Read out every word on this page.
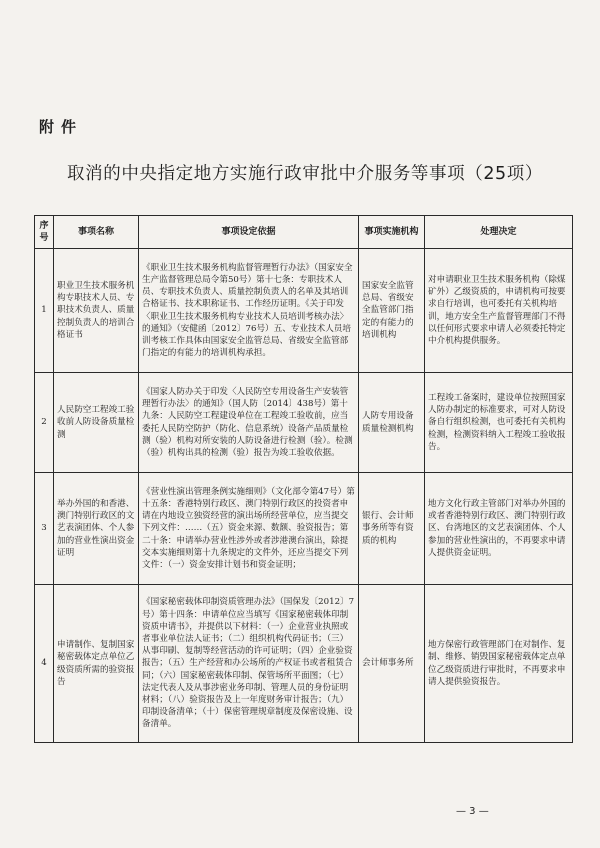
附件
取消的中央指定地方实施行政审批中介服务等事项（25项）
序号	事项名称	事项设定依据	事项实施机构	处理决定
1	职业卫生技术服务机构专职技术人员、专职技术负责人、质量控制负责人的培训合格证书	《职业卫生技术服务机构监督管理暂行办法》（国家安全生产监督管理总局令第50号）第十七条：专职技术人员、专职技术负责人、质量控制负责人的名单及其培训合格证书、技术职称证书、工作经历证明。《关于印发〈职业卫生技术服务机构专业技术人员培训考核办法〉的通知》（安健函〔2012〕76号）五、专业技术人员培训考核工作具体由国家安全监管总局、省级安全监管部门指定的有能力的培训机构承担。	国家安全监管总局、省级安全监管部门指定的有能力的培训机构	对申请职业卫生技术服务机构（除煤矿外）乙级资质的，申请机构可按要求自行培训，也可委托有关机构培训，地方安全生产监督管理部门不得以任何形式要求申请人必须委托特定中介机构提供服务。
2	人民防空工程竣工验收前人防设备质量检测	《国家人防办关于印发〈人民防空专用设备生产安装管理暂行办法〉的通知》（国人防〔2014〕438号）第十九条：人民防空工程建设单位在工程竣工验收前，应当委托人民防空防护（防化、信息系统）设备产品质量检测（验）机构对所安装的人防设备进行检测（验）。检测（验）机构出具的检测（验）报告为竣工验收依据。	人防专用设备质量检测机构	工程竣工备案时，建设单位按照国家人防办制定的标准要求，可对人防设备自行组织检测，也可委托有关机构检测，检测资料纳入工程竣工验收报告。
3	举办外国的和香港、澳门特别行政区的文艺表演团体、个人参加的营业性演出资金证明	《营业性演出管理条例实施细则》（文化部令第47号）第十五条：香港特别行政区、澳门特别行政区的投资者申请在内地设立独资经营的演出场所经营单位，应当提交下列文件：……（五）资金来源、数额、验资报告；第二十条：申请举办营业性涉外或者涉港澳台演出，除提交本实施细则第十九条规定的文件外，还应当提交下列文件：（一）资金安排计划书和资金证明；	银行、会计师事务所等有资质的机构	地方文化行政主管部门对举办外国的或者香港特别行政区、澳门特别行政区、台湾地区的文艺表演团体、个人参加的营业性演出的，不再要求申请人提供资金证明。
4	申请制作、复制国家秘密载体定点单位乙级资质所需的验资报告	《国家秘密载体印制资质管理办法》（国保发〔2012〕7号）第十四条：申请单位应当填写《国家秘密载体印制资质申请书》，并提供以下材料：（一）企业营业执照或者事业单位法人证书；（二）组织机构代码证书；（三）从事印刷、复制等经营活动的许可证明；（四）企业验资报告；（五）生产经营和办公场所的产权证书或者租赁合同；（六）国家秘密载体印制、保管场所平面图；（七）法定代表人及从事涉密业务印制、管理人员的身份证明材料；（八）验资报告及上一年度财务审计报告；（九）印制设备清单；（十）保密管理规章制度及保密设施、设备清单。	会计师事务所	地方保密行政管理部门在对制作、复制、维修、销毁国家秘密载体定点单位乙级资质进行审批时，不再要求申请人提供验资报告。
— 3 —
